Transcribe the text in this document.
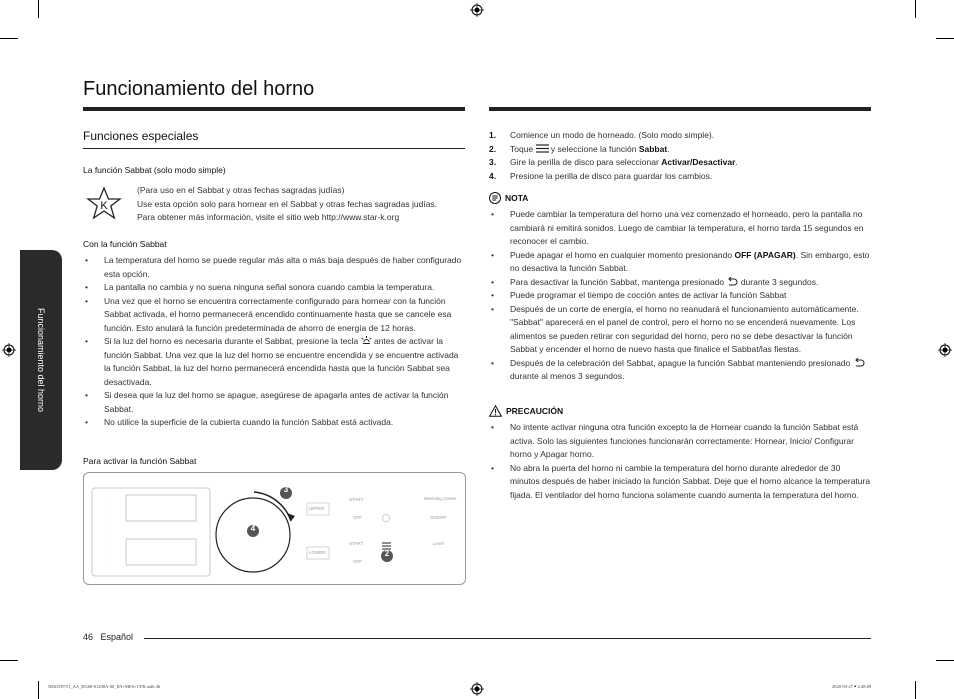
Funcionamiento del horno
Funcionamiento del horno
Funciones especiales
La función Sabbat (solo modo simple)
K
(Para uso en el Sabbat y otras fechas sagradas judías)
Use esta opción solo para hornear en el Sabbat y otras fechas sagradas judías.
Para obtener más información, visite el sitio web http://www.star-k.org
Con la función Sabbat
• La temperatura del horno se puede regular más alta o más baja después de haber configurado esta opción.
• La pantalla no cambia y no suena ninguna señal sonora cuando cambia la temperatura.
• Una vez que el horno se encuentra correctamente configurado para hornear con la función Sabbat activada, el horno permanecerá encendido continuamente hasta que se cancele esa función. Esto anulará la función predeterminada de ahorro de energía de 12 horas.
• Si la luz del horno es necesaria durante el Sabbat, presione la tecla antes de activar la función Sabbat. Una vez que la luz del horno se encuentre encendida y se encuentre activada la función Sabbat, la luz del horno permanecerá encendida hasta que la función Sabbat sea desactivada.
• Si desea que la luz del horno se apague, asegúrese de apagarla antes de activar la función Sabbat.
• No utilice la superficie de la cubierta cuando la función Sabbat está activada.
Para activar la función Sabbat
3
4
2
UPPER
LOWER
START
OFF
START
OFF
Warming Center
ON/OFF
Level
1. Comience un modo de horneado. (Solo modo simple).
2. Toque y seleccione la función Sabbat.
3. Gire la perilla de disco para seleccionar Activar/Desactivar.
4. Presione la perilla de disco para guardar los cambios.
NOTA
• Puede cambiar la temperatura del horno una vez comenzado el horneado, pero la pantalla no cambiará ni emitirá sonidos. Luego de cambiar la temperatura, el horno tarda 15 segundos en reconocer el cambio.
• Puede apagar el horno en cualquier momento presionando OFF (APAGAR). Sin embargo, esto no desactiva la función Sabbat.
• Para desactivar la función Sabbat, mantenga presionado durante 3 segundos.
• Puede programar el tiempo de cocción antes de activar la función Sabbat
• Después de un corte de energía, el horno no reanudará el funcionamiento automáticamente. "Sabbat" aparecerá en el panel de control, pero el horno no se encenderá nuevamente. Los alimentos se pueden retirar con seguridad del horno, pero no se debe desactivar la función Sabbat y encender el horno de nuevo hasta que finalice el Sabbat/las fiestas.
• Después de la celebración del Sabbat, apague la función Sabbat manteniendo presionado  durante al menos 3 segundos.
PRECAUCIÓN
• No intente activar ninguna otra función excepto la de Hornear cuando la función Sabbat está activa. Solo las siguientes funciones funcionarán correctamente: Hornear, Inicio/ Configurar horno y Apagar horno.
• No abra la puerta del horno ni cambie la temperatura del horno durante alrededor de 30 minutos después de haber iniciado la función Sabbat. Deje que el horno alcance la temperatura fijada. El ventilador del horno funciona solamente cuando aumenta la temperatura del horno.
46 Español
NE63T8751_AA_DG68-01208A-00_EN+MES+CFR.indb 46	2020-03-27 ￭ 2:48:09
